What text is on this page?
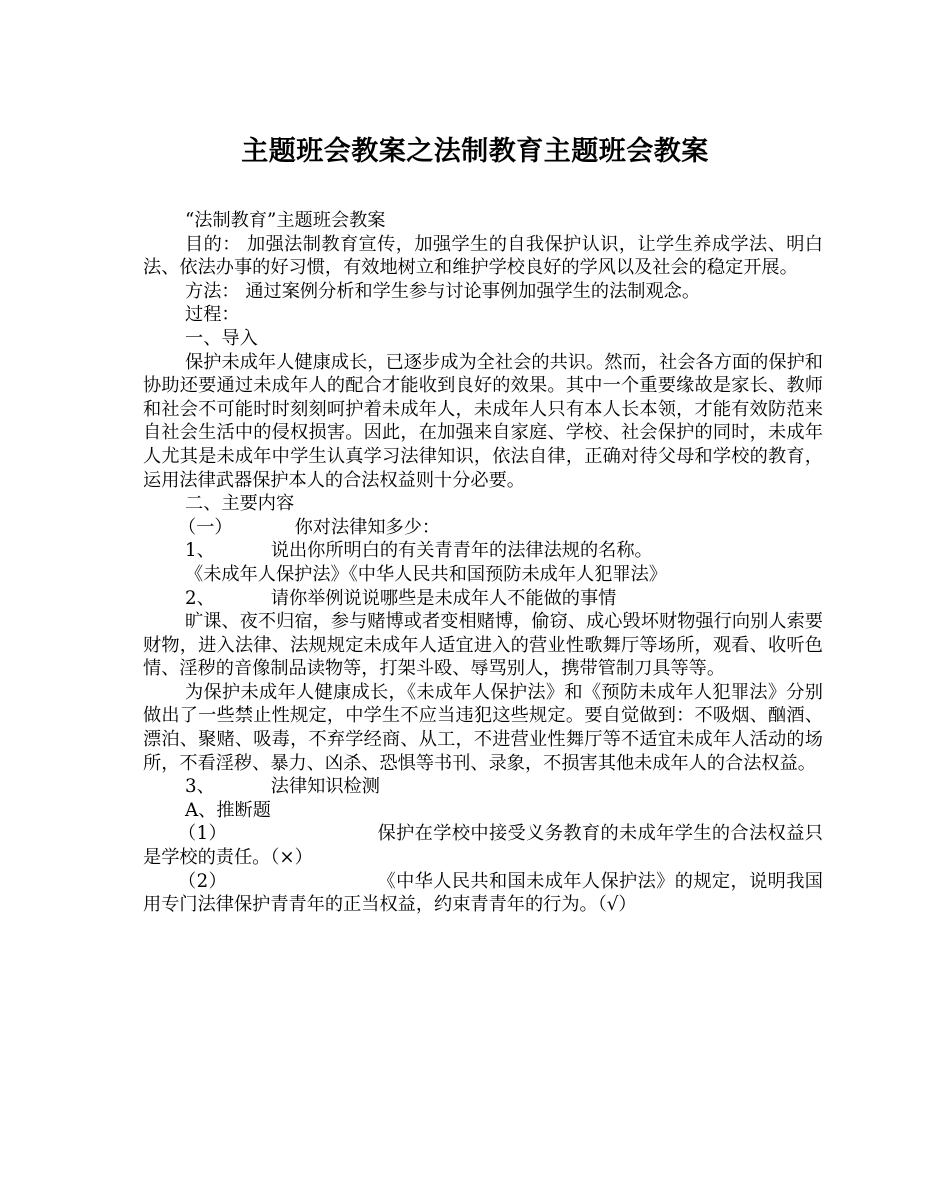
主题班会教案之法制教育主题班会教案

“法制教育”主题班会教案

目的： 加强法制教育宣传，加强学生的自我保护认识，让学生养成学法、明白法、依法办事的好习惯，有效地树立和维护学校良好的学风以及社会的稳定开展。

方法： 通过案例分析和学生参与讨论事例加强学生的法制观念。

过程：

一、导入

保护未成年人健康成长，已逐步成为全社会的共识。然而，社会各方面的保护和协助还要通过未成年人的配合才能收到良好的效果。其中一个重要缘故是家长、教师和社会不可能时时刻刻呵护着未成年人，未成年人只有本人长本领，才能有效防范来自社会生活中的侵权损害。因此，在加强来自家庭、学校、社会保护的同时，未成年人尤其是未成年中学生认真学习法律知识，依法自律，正确对待父母和学校的教育，运用法律武器保护本人的合法权益则十分必要。

二、主要内容

（一）	你对法律知多少：

1、	说出你所明白的有关青青年的法律法规的名称。

《未成年人保护法》《中华人民共和国预防未成年人犯罪法》

2、	请你举例说说哪些是未成年人不能做的事情

旷课、夜不归宿，参与赌博或者变相赌博，偷窃、成心毁坏财物强行向别人索要财物，进入法律、法规规定未成年人适宜进入的营业性歌舞厅等场所，观看、收听色情、淫秽的音像制品读物等，打架斗殴、辱骂别人，携带管制刀具等等。

为保护未成年人健康成长，《未成年人保护法》和《预防未成年人犯罪法》分别做出了一些禁止性规定，中学生不应当违犯这些规定。要自觉做到：不吸烟、酗酒、漂泊、聚赌、吸毒，不弃学经商、从工，不进营业性舞厅等不适宜未成年人活动的场所，不看淫秽、暴力、凶杀、恐惧等书刊、录象，不损害其他未成年人的合法权益。

3、	法律知识检测

A、推断题

（1）	保护在学校中接受义务教育的未成年学生的合法权益只是学校的责任。（×）

（2）	《中华人民共和国未成年人保护法》的规定，说明我国用专门法律保护青青年的正当权益，约束青青年的行为。（√）
